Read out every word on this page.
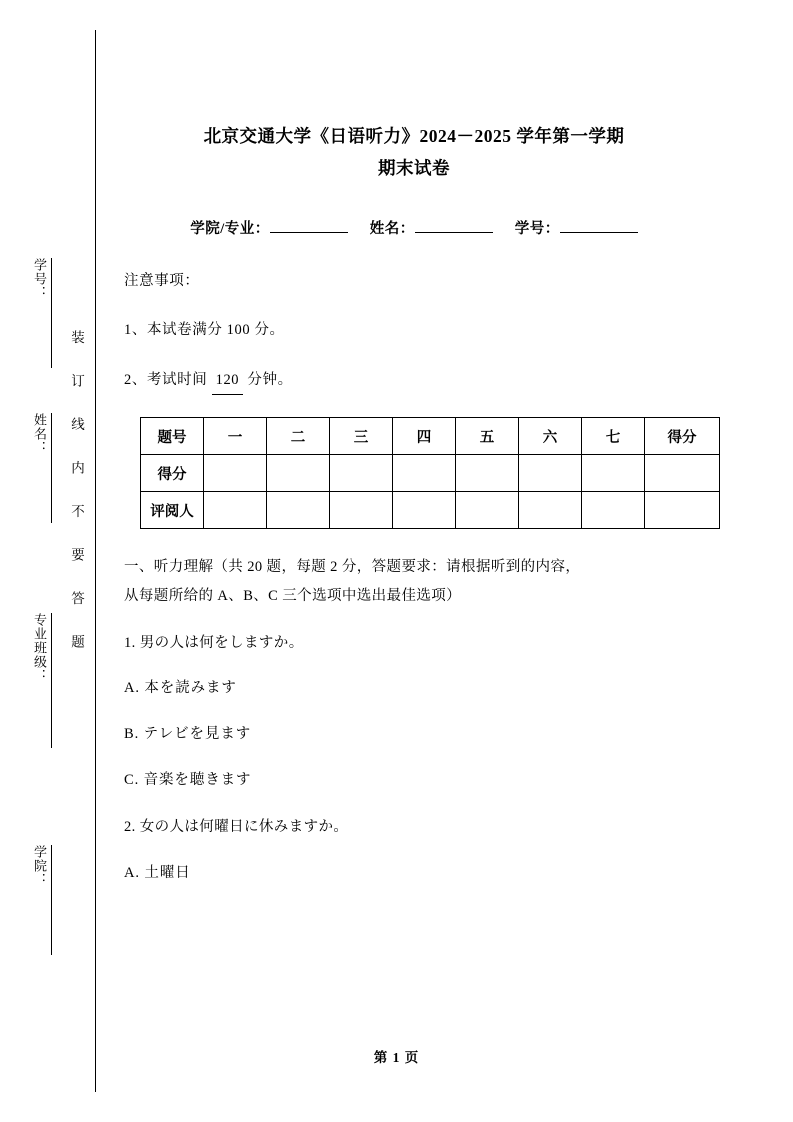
装订线内不要答题
学号：
姓名：
专业班级：
学院：
北京交通大学《日语听力》2024－2025 学年第一学期
期末试卷
学院/专业：	姓名：	学号：

注意事项：

1、本试卷满分 100 分。

2、考试时间 120 分钟。

题号	一	二	三	四	五	六	七	得分
得分								
评阅人								
一、听力理解（共 20 题，每题 2 分，答题要求：请根据听到的内容，
从每题所给的 A、B、C 三个选项中选出最佳选项）

1. 男の人は何をしますか。

A. 本を読みます

B. テレビを見ます

C. 音楽を聴きます

2. 女の人は何曜日に休みますか。

A. 土曜日

第 1 页
